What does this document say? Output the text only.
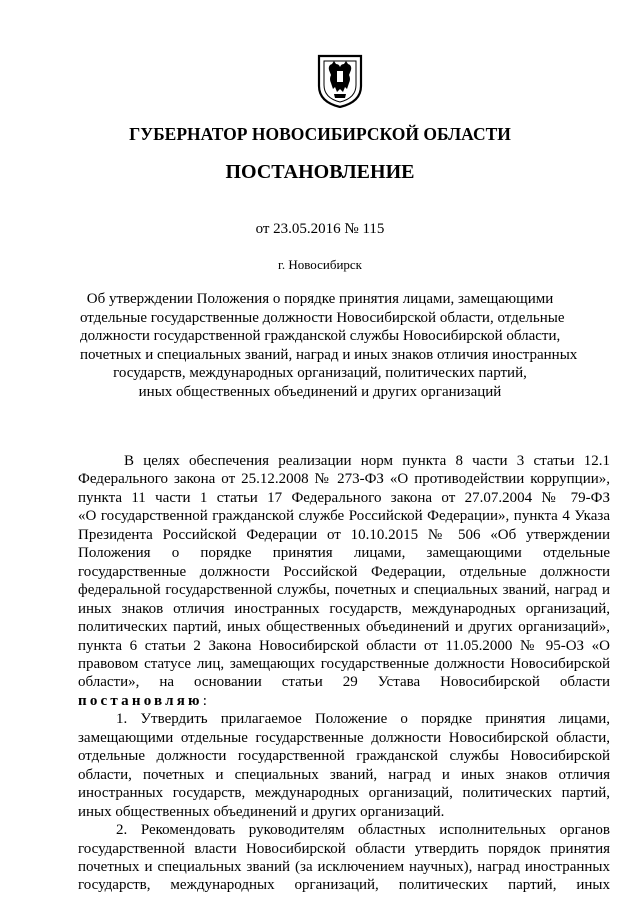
ГУБЕРНАТОР НОВОСИБИРСКОЙ ОБЛАСТИ
ПОСТАНОВЛЕНИЕ
от 23.05.2016 № 115
г. Новосибирск
Об утверждении Положения о порядке принятия лицами, замещающими
отдельные государственные должности Новосибирской области, отдельные
должности государственной гражданской службы Новосибирской области,
почетных и специальных званий, наград и иных знаков отличия иностранных
государств, международных организаций, политических партий,
иных общественных объединений и других организаций
В целях обеспечения реализации норм пункта 8 части 3 статьи 12.1
Федерального закона от 25.12.2008 № 273-ФЗ «О противодействии коррупции»,
пункта 11 части 1 статьи 17 Федерального закона от 27.07.2004 № 79-ФЗ
«О государственной гражданской службе Российской Федерации», пункта 4 Указа
Президента Российской Федерации от 10.10.2015 № 506 «Об утверждении
Положения о порядке принятия лицами, замещающими отдельные
государственные должности Российской Федерации, отдельные должности
федеральной государственной службы, почетных и специальных званий, наград и
иных знаков отличия иностранных государств, международных организаций,
политических партий, иных общественных объединений и других организаций»,
пункта 6 статьи 2 Закона Новосибирской области от 11.05.2000 № 95-ОЗ «О
правовом статусе лиц, замещающих государственные должности Новосибирской
области», на основании статьи 29 Устава Новосибирской области
постановляю:
1. Утвердить прилагаемое Положение о порядке принятия лицами,
замещающими отдельные государственные должности Новосибирской области,
отдельные должности государственной гражданской службы Новосибирской
области, почетных и специальных званий, наград и иных знаков отличия
иностранных государств, международных организаций, политических партий,
иных общественных объединений и других организаций.
2. Рекомендовать руководителям областных исполнительных органов
государственной власти Новосибирской области утвердить порядок принятия
почетных и специальных званий (за исключением научных), наград иностранных
государств, международных организаций, политических партий, иных
